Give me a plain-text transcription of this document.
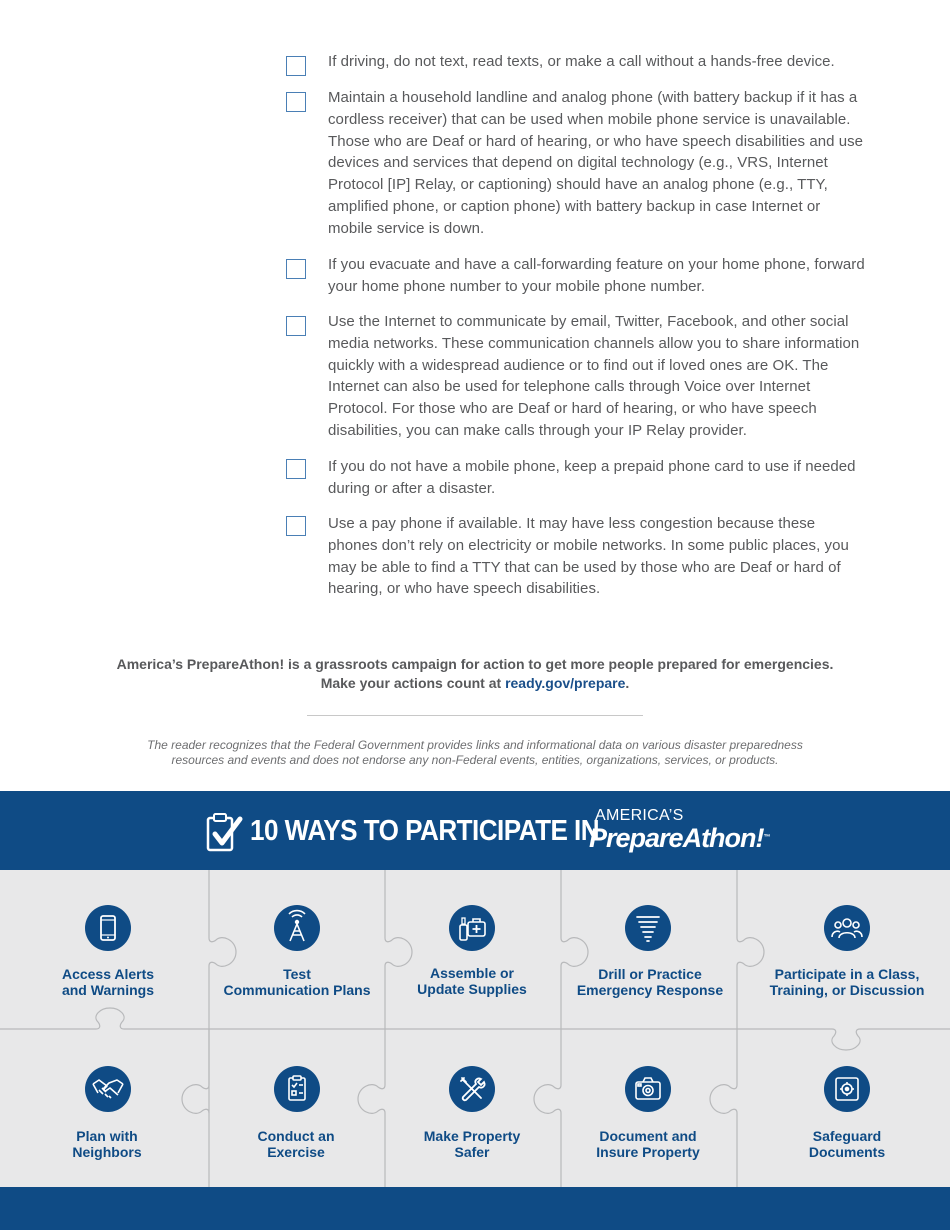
If driving, do not text, read texts, or make a call without a hands-free device.
Maintain a household landline and analog phone (with battery backup if it has a cordless receiver) that can be used when mobile phone service is unavailable. Those who are Deaf or hard of hearing, or who have speech disabilities and use devices and services that depend on digital technology (e.g., VRS, Internet Protocol [IP] Relay, or captioning) should have an analog phone (e.g., TTY, amplified phone, or caption phone) with battery backup in case Internet or mobile service is down.
If you evacuate and have a call-forwarding feature on your home phone, forward your home phone number to your mobile phone number.
Use the Internet to communicate by email, Twitter, Facebook, and other social media networks. These communication channels allow you to share information quickly with a widespread audience or to find out if loved ones are OK. The Internet can also be used for telephone calls through Voice over Internet Protocol. For those who are Deaf or hard of hearing, or who have speech disabilities, you can make calls through your IP Relay provider.
If you do not have a mobile phone, keep a prepaid phone card to use if needed during or after a disaster.
Use a pay phone if available. It may have less congestion because these phones don’t rely on electricity or mobile networks. In some public places, you may be able to find a TTY that can be used by those who are Deaf or hard of hearing, or who have speech disabilities.
America’s PrepareAthon! is a grassroots campaign for action to get more people prepared for emergencies.
Make your actions count at ready.gov/prepare.
The reader recognizes that the Federal Government provides links and informational data on various disaster preparedness
resources and events and does not endorse any non-Federal events, entities, organizations, services, or products.
10 WAYS TO PARTICIPATE IN
AMERICA’S
PrepareAthon!™
Access Alerts
and Warnings
Test
Communication Plans
Assemble or
Update Supplies
Drill or Practice
Emergency Response
Participate in a Class,
Training, or Discussion
Plan with
Neighbors
Conduct an
Exercise
Make Property
Safer
Document and
Insure Property
Safeguard
Documents
